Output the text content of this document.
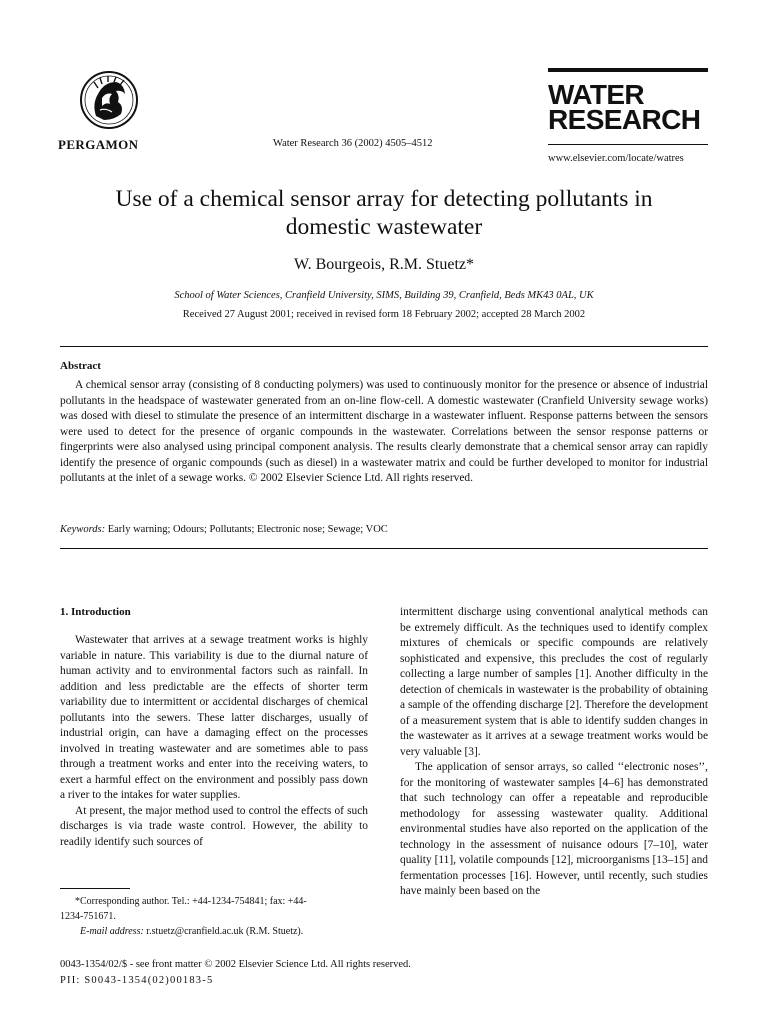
PERGAMON	Water Research 36 (2002) 4505–4512
WATER
RESEARCH
www.elsevier.com/locate/watres
Use of a chemical sensor array for detecting pollutants in
domestic wastewater
W. Bourgeois, R.M. Stuetz*
School of Water Sciences, Cranfield University, SIMS, Building 39, Cranfield, Beds MK43 0AL, UK
Received 27 August 2001; received in revised form 18 February 2002; accepted 28 March 2002
Abstract
A chemical sensor array (consisting of 8 conducting polymers) was used to continuously monitor for the presence or absence of industrial pollutants in the headspace of wastewater generated from an on-line flow-cell. A domestic wastewater (Cranfield University sewage works) was dosed with diesel to stimulate the presence of an intermittent discharge in a wastewater influent. Response patterns between the sensors were used to detect for the presence of organic compounds in the wastewater. Correlations between the sensor response patterns or fingerprints were also analysed using principal component analysis. The results clearly demonstrate that a chemical sensor array can rapidly identify the presence of organic compounds (such as diesel) in a wastewater matrix and could be further developed to monitor for industrial pollutants at the inlet of a sewage works. © 2002 Elsevier Science Ltd. All rights reserved.
Keywords: Early warning; Odours; Pollutants; Electronic nose; Sewage; VOC
1. Introduction

Wastewater that arrives at a sewage treatment works is highly variable in nature. This variability is due to the diurnal nature of human activity and to environmental factors such as rainfall. In addition and less predictable are the effects of shorter term variability due to intermittent or accidental discharges of chemical pollutants into the sewers. These latter discharges, usually of industrial origin, can have a damaging effect on the processes involved in treating wastewater and are sometimes able to pass through a treatment works and enter into the receiving waters, to exert a harmful effect on the environment and possibly pass down a river to the intakes for water supplies.

At present, the major method used to control the effects of such discharges is via trade waste control. However, the ability to readily identify such sources of

*Corresponding author. Tel.: +44-1234-754841; fax: +44-
1234-751671.
E-mail address: r.stuetz@cranfield.ac.uk (R.M. Stuetz).

intermittent discharge using conventional analytical methods can be extremely difficult. As the techniques used to identify complex mixtures of chemicals or specific compounds are relatively sophisticated and expensive, this precludes the cost of regularly collecting a large number of samples [1]. Another difficulty in the detection of chemicals in wastewater is the probability of obtaining a sample of the offending discharge [2]. Therefore the development of a measurement system that is able to identify sudden changes in the wastewater as it arrives at a sewage treatment works would be very valuable [3].

The application of sensor arrays, so called ‘‘electronic noses’’, for the monitoring of wastewater samples [4–6] has demonstrated that such technology can offer a repeatable and reproducible methodology for assessing wastewater quality. Additional environmental studies have also reported on the application of the technology in the assessment of nuisance odours [7–10], water quality [11], volatile compounds [12], microorganisms [13–15] and fermentation processes [16]. However, until recently, such studies have mainly been based on the

0043-1354/02/$ - see front matter © 2002 Elsevier Science Ltd. All rights reserved.
PII: S0043-1354(02)00183-5
